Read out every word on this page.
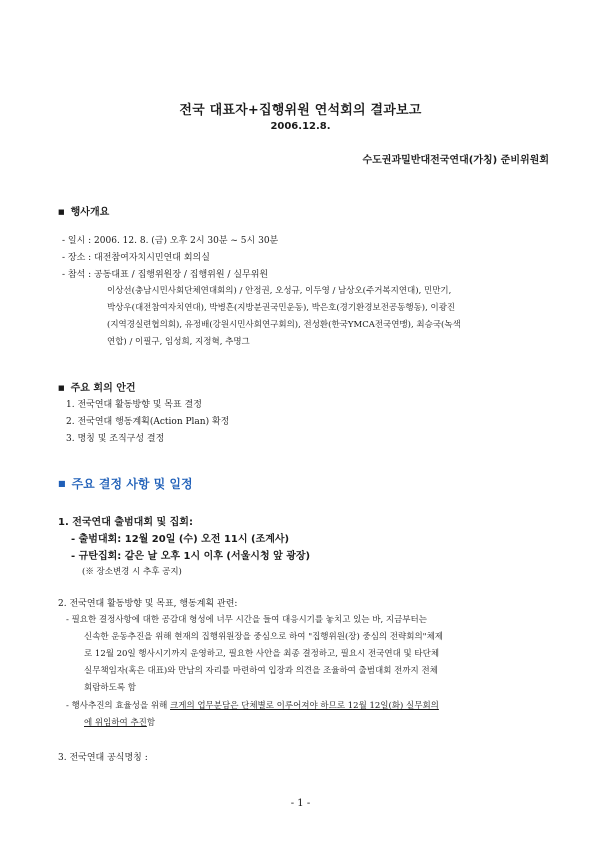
전국 대표자+집행위원 연석회의 결과보고
2006.12.8.
수도권과밀반대전국연대(가칭) 준비위원회
■ 행사개요
- 일시 : 2006. 12. 8. (금) 오후 2시 30분 ~ 5시 30분
- 장소 : 대전참여자치시민연대 회의실
- 참석 : 공동대표 / 집행위원장 / 집행위원 / 실무위원
이상선(충남시민사회단체연대회의) / 안정권, 오성규, 이두영 / 남상오(주거복지연대), 민만기,
박상우(대전참여자치연대), 박병흔(지방분권국민운동), 박은호(경기환경보전공동행동), 이광진
(지역경실련협의회), 유정배(강원시민사회연구회의), 전성환(한국YMCA전국연맹), 최승국(녹색
연합) / 이필구, 임성희, 지정혁, 추명그
■ 주요 회의 안건
1. 전국연대 활동방향 및 목표 결정
2. 전국연대 행동계획(Action Plan) 확정
3. 명칭 및 조직구성 결정
■ 주요 결정 사항 및 일정
1. 전국연대 출범대회 및 집회:
- 출범대회: 12월 20일 (수) 오전 11시 (조계사)
- 규탄집회: 같은 날 오후 1시 이후 (서울시청 앞 광장)
(※ 장소변경 시 추후 공지)
2. 전국연대 활동방향 및 목표, 행동계획 관련:
- 필요한 결정사항에 대한 공감대 형성에 너무 시간을 들여 대응시기를 놓치고 있는 바, 지금부터는
신속한 운동추진을 위해 현재의 집행위원장을 중심으로 하여 "집행위원(장) 중심의 전략회의"체제
로 12월 20일 행사시기까지 운영하고, 필요한 사안을 최종 결정하고, 필요시 전국연대 및 타단체
실무책임자(혹은 대표)와 만남의 자리를 마련하여 입장과 의견을 조율하여 출범대회 전까지 전체
회람하도록 함
- 행사추진의 효율성을 위해 크게의 업무분담은 단체별로 이루어져야 하므로 12월 12일(화) 실무회의
에 위임하여 추진함
3. 전국연대 공식명칭 :
- 1 -
